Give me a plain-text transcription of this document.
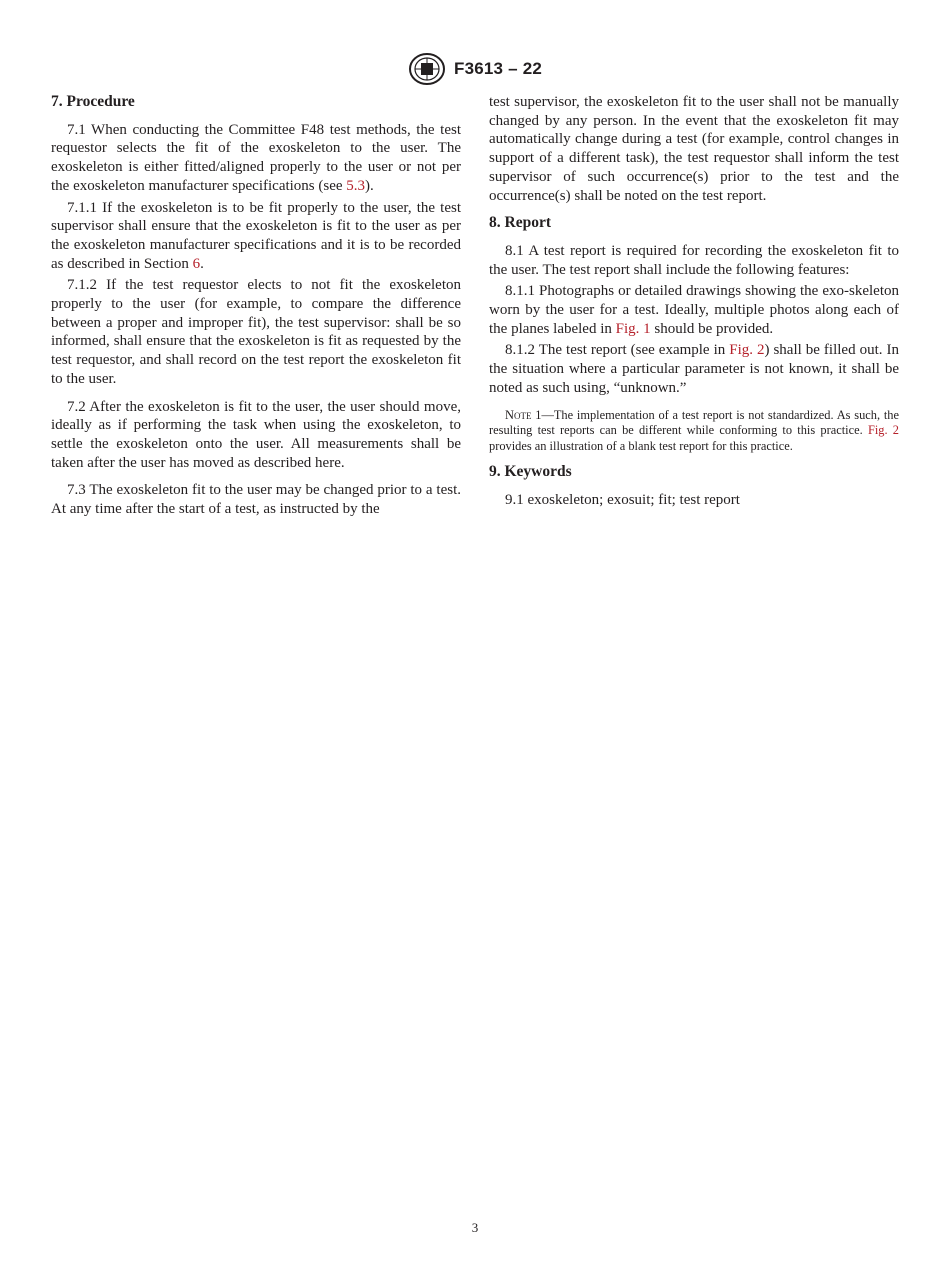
F3613 – 22
7. Procedure

7.1 When conducting the Committee F48 test methods, the test requestor selects the fit of the exoskeleton to the user. The exoskeleton is either fitted/aligned properly to the user or not per the exoskeleton manufacturer specifications (see 5.3).

7.1.1 If the exoskeleton is to be fit properly to the user, the test supervisor shall ensure that the exoskeleton is fit to the user as per the exoskeleton manufacturer specifications and it is to be recorded as described in Section 6.

7.1.2 If the test requestor elects to not fit the exoskeleton properly to the user (for example, to compare the difference between a proper and improper fit), the test supervisor: shall be so informed, shall ensure that the exoskeleton is fit as requested by the test requestor, and shall record on the test report the exoskeleton fit to the user.

7.2 After the exoskeleton is fit to the user, the user should move, ideally as if performing the task when using the exoskeleton, to settle the exoskeleton onto the user. All measurements shall be taken after the user has moved as described here.

7.3 The exoskeleton fit to the user may be changed prior to a test. At any time after the start of a test, as instructed by the

test supervisor, the exoskeleton fit to the user shall not be manually changed by any person. In the event that the exoskeleton fit may automatically change during a test (for example, control changes in support of a different task), the test requestor shall inform the test supervisor of such occurrence(s) prior to the test and the occurrence(s) shall be noted on the test report.

8. Report

8.1 A test report is required for recording the exoskeleton fit to the user. The test report shall include the following features:

8.1.1 Photographs or detailed drawings showing the exo-skeleton worn by the user for a test. Ideally, multiple photos along each of the planes labeled in Fig. 1 should be provided.

8.1.2 The test report (see example in Fig. 2) shall be filled out. In the situation where a particular parameter is not known, it shall be noted as such using, “unknown.”

Note 1—The implementation of a test report is not standardized. As such, the resulting test reports can be different while conforming to this practice. Fig. 2 provides an illustration of a blank test report for this practice.

9. Keywords

9.1 exoskeleton; exosuit; fit; test report

3
